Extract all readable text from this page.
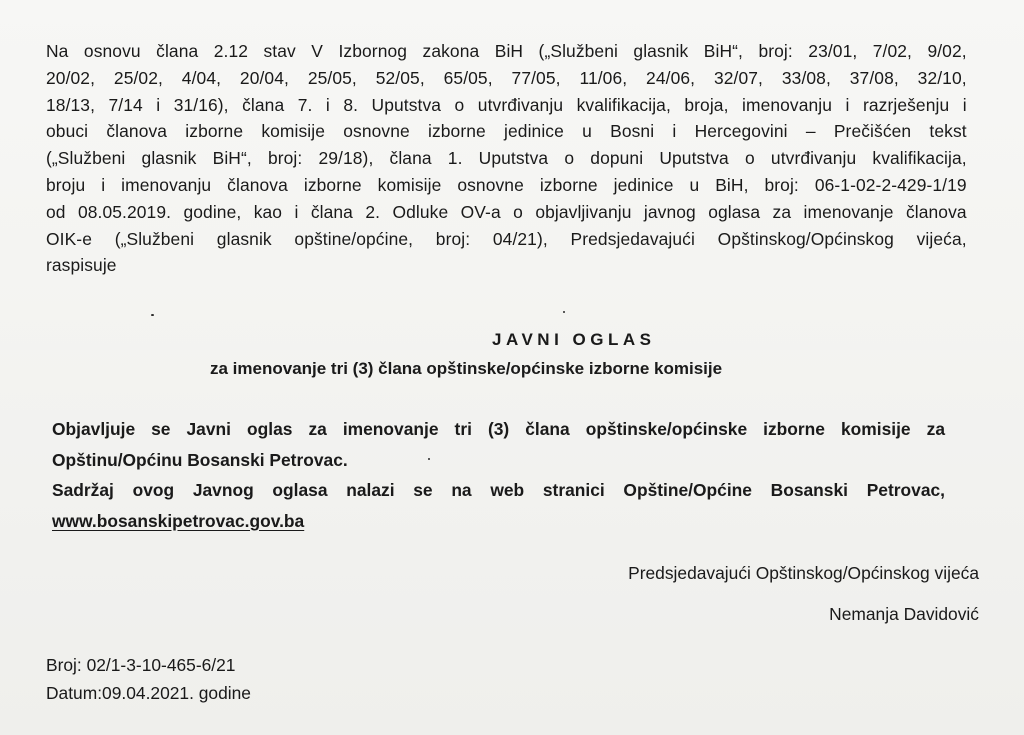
Na osnovu člana 2.12 stav V Izbornog zakona BiH („Službeni glasnik BiH“, broj: 23/01, 7/02, 9/02,
20/02, 25/02, 4/04, 20/04, 25/05, 52/05, 65/05, 77/05, 11/06, 24/06, 32/07, 33/08, 37/08, 32/10,
18/13, 7/14 i 31/16), člana 7. i 8. Uputstva o utvrđivanju kvalifikacija, broja, imenovanju i razrješenju i
obuci članova izborne komisije osnovne izborne jedinice u Bosni i Hercegovini – Prečišćen tekst
(„Službeni glasnik BiH“, broj: 29/18), člana 1. Uputstva o dopuni Uputstva o utvrđivanju kvalifikacija,
broju i imenovanju članova izborne komisije osnovne izborne jedinice u BiH, broj: 06-1-02-2-429-1/19
od 08.05.2019. godine, kao i člana 2. Odluke OV-a o objavljivanju javnog oglasa za imenovanje članova
OIK-e („Službeni glasnik opštine/općine, broj: 04/21), Predsjedavajući Opštinskog/Općinskog vijeća,
raspisuje
JAVNI OGLAS
za imenovanje tri (3) člana opštinske/općinske izborne komisije
Objavljuje se Javni oglas za imenovanje tri (3) člana opštinske/općinske izborne komisije za
Opštinu/Općinu Bosanski Petrovac.
Sadržaj ovog Javnog oglasa nalazi se na web stranici Opštine/Općine Bosanski Petrovac,
www.bosanskipetrovac.gov.ba
Predsjedavajući Opštinskog/Općinskog vijeća
Nemanja Davidović
Broj: 02/1-3-10-465-6/21
Datum:09.04.2021. godine
